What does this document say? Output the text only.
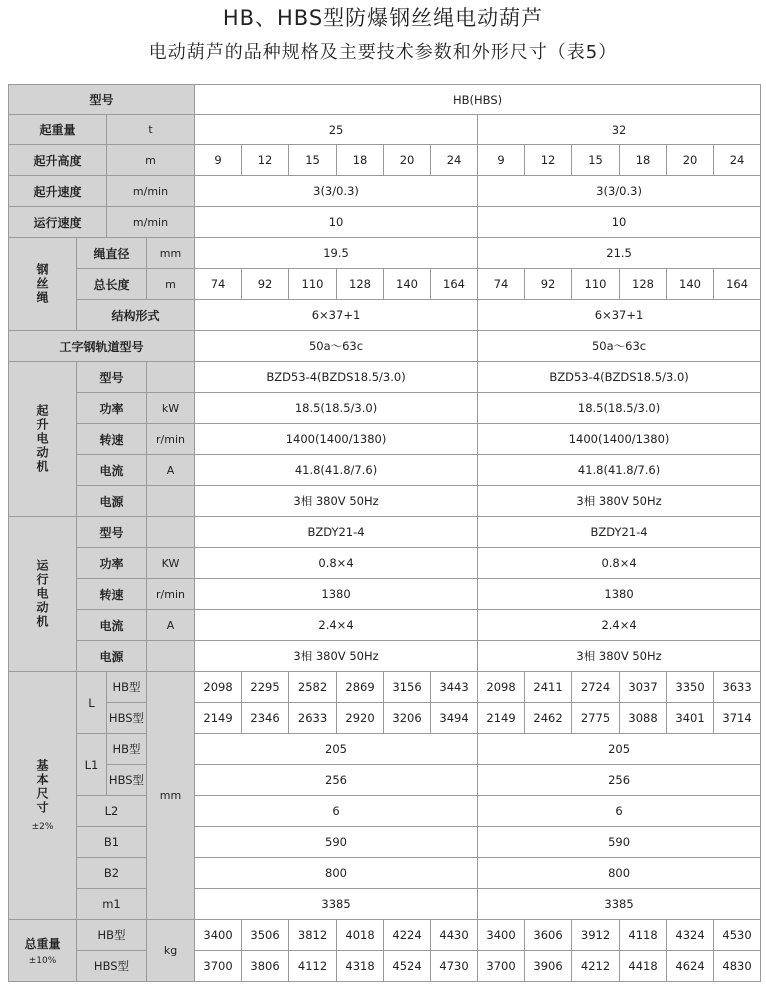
HB、HBS型防爆钢丝绳电动葫芦
电动葫芦的品种规格及主要技术参数和外形尺寸（表5）
型号				HB(HBS)											
起重量		t		25						32					
起升高度		m		9	12	15	18	20	24	9	12	15	18	20	24
起升速度		m/min		3(3/0.3)						3(3/0.3)					
运行速度		m/min		10						10					
钢丝绳	绳直径		mm	19.5						21.5					
	总长度		m	74	92	110	128	140	164	74	92	110	128	140	164
	结构形式			6×37+1						6×37+1					
工字钢轨道型号				50a～63c						50a～63c					
起升电动机	型号			BZD53-4(BZDS18.5/3.0)						BZD53-4(BZDS18.5/3.0)					
	功率		kW	18.5(18.5/3.0)						18.5(18.5/3.0)					
	转速		r/min	1400(1400/1380)						1400(1400/1380)					
	电流		A	41.8(41.8/7.6)						41.8(41.8/7.6)					
	电源			3相 380V 50Hz						3相 380V 50Hz					
运行电动机	型号			BZDY21-4						BZDY21-4					
	功率		KW	0.8×4						0.8×4					
	转速		r/min	1380						1380					
	电流		A	2.4×4						2.4×4					
	电源			3相 380V 50Hz						3相 380V 50Hz					
基本尺寸
±2%	L	HB型	mm	2098	2295	2582	2869	3156	3443	2098	2411	2724	3037	3350	3633
		HBS型		2149	2346	2633	2920	3206	3494	2149	2462	2775	3088	3401	3714
	L1	HB型		205						205					
		HBS型		256						256					
	L2			6						6					
	B1			590						590					
	B2			800						800					
	m1			3385						3385					
总重量
±10%	HB型		kg	3400	3506	3812	4018	4224	4430	3400	3606	3912	4118	4324	4530
	HBS型			3700	3806	4112	4318	4524	4730	3700	3906	4212	4418	4624	4830
